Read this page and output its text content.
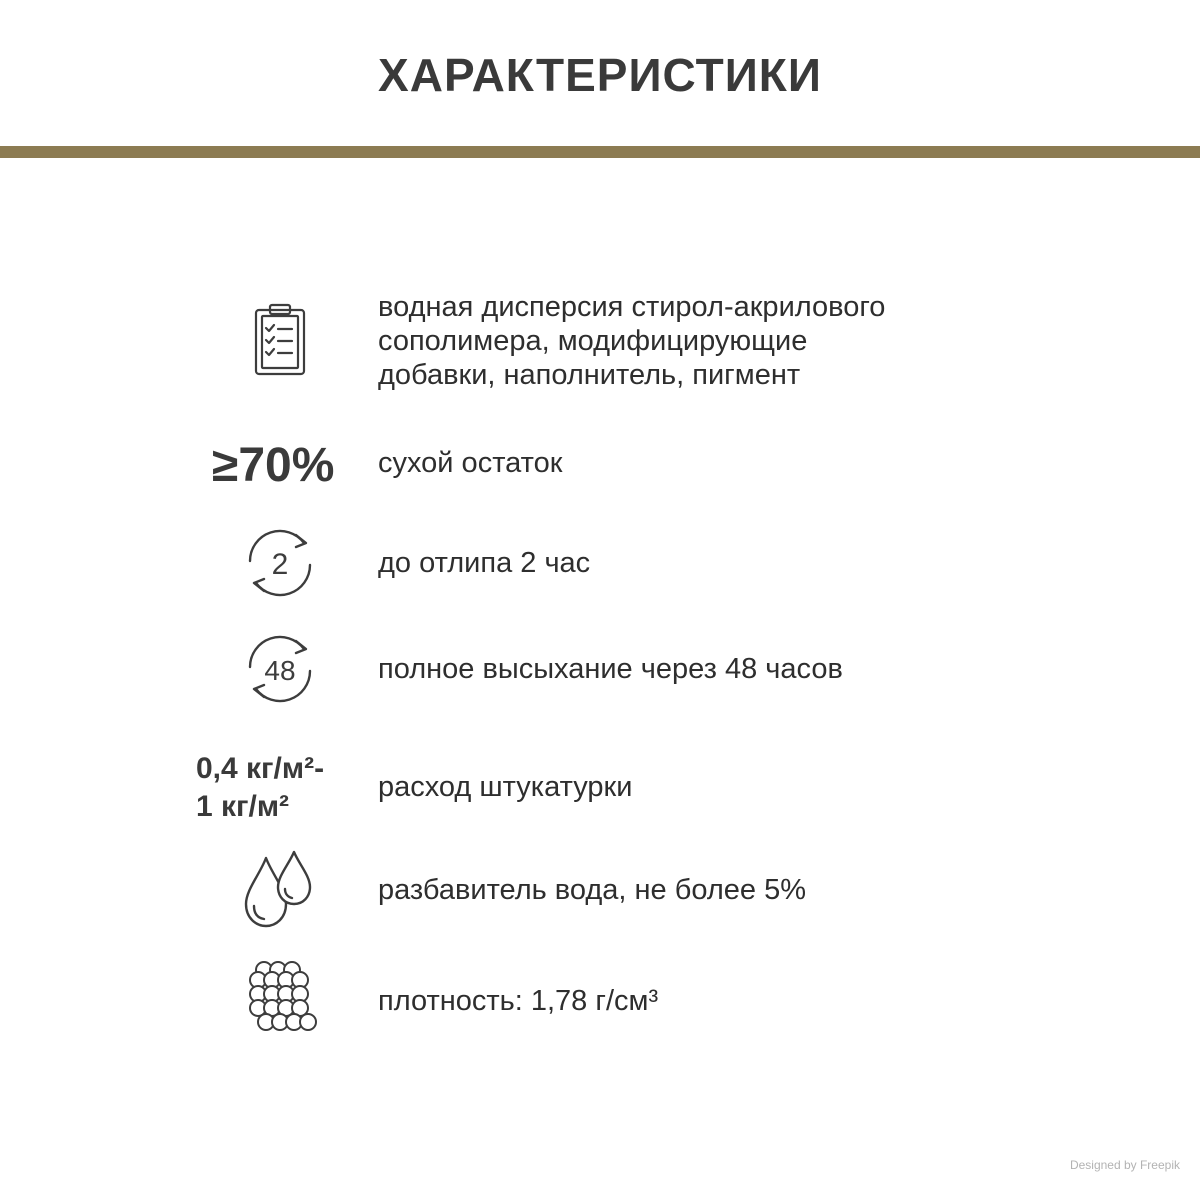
ХАРАКТЕРИСТИКИ
водная дисперсия стирол-акрилового
сополимера, модифицирующие
добавки, наполнитель, пигмент
≥70% сухой остаток
2	до отлипа 2 час
48	полное высыхание через 48 часов
0,4 кг/м²-
1 кг/м²
расход штукатурки
разбавитель вода, не более 5%
плотность: 1,78 г/см³
Designed by Freepik
